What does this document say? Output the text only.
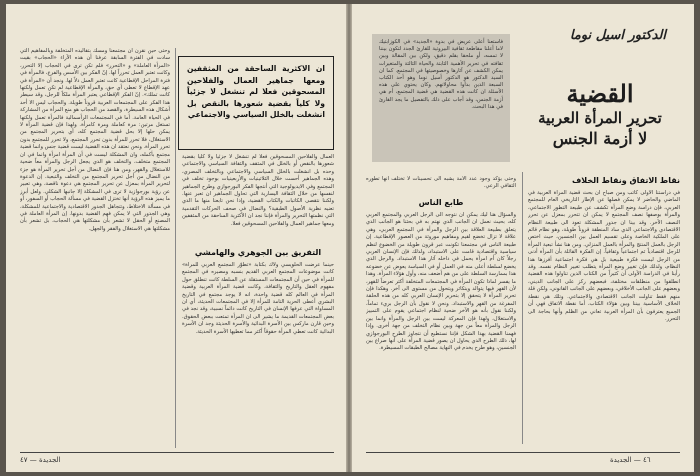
ان الاكثرية الساحقة من المثقفين ومعها جماهير العمال والفلاحين المسحوقين فعلا لم تنشغل لا جزئياً ولا كلياً بقضية شعورها بالنقص بل انشغلت بالخلل السياسي والاجتماعي
العمال والفلاحين المسحوقين فعلا لم تنشغل لا جزئياً ولا كلياً بقضية شعورها بالنقص أو بالخلل في المثقف والثقافة السياسي والاجتماعي وحده بل انشغلت بالخلل السياسي والاجتماعي وبالتخلف المصري، وهذه الجماهير أحست خلال الثلاثينيات والأربعينيات بوجود تخلف في المجتمع وفي الايديولوجية التي أنتجها الفكر البورجوازي وطرح الجماهير لنفسها من خلال الثقافة اليسارية التي تحاول الجماهير ان تعبر عنها. ولكننا نتقصى الكاتبات والكتاب القضية، وإذا نحن تابعنا منها ما الذي تعنيه نظرية الأصول الطبقية؟ والنضال في صحف الحركات التقدمية التي نظمتها التحرير والمرأة فإننا نجد ان الأكثرية الساحقة من المثقفين ومعها جماهير العمال والفلاحين المسحوقين فعلا.
التفريق بين الجوهري والهامشي
حينما عرضت الحلويسي ولاك بكتابة «تطوّر المجتمع العربي للمرأة» كانت موضوعات المجتمع العربي القديم بنسبه ومصيره في المجتمع للمرأة في حين أن المجتمعات المستقلة عن السلطة كانت تنطلق حول مفهوم العقل والتاريخ والثقافة، وكانت قضية المرأة العربية وقضية المرأة في العالم كله قضية واحدة، انه لا يوجد مجتمع في التاريخ البشري أعطى الحرية التامة للمرأة إلا في المجتمعات الحديثة، أي ان المساواة التي عرفها الإنسان في التاريخ كانت دائماً نسبية، وقد نجد في بعض المجتمعات القديمة ما يشير الى ان المرأة تمتعت ببعض الحقوق. وحين قارن ماركس بين الأسرة البدائية والأسرة الحديثة وجد ان الأسرة البدائية كانت تعطي المرأة حقوقاً أكثر مما تعطيها الأسرة الحديثة.
وحتى حين نقرن أن مجتمعنا ومسك بتقاليده المتخلفة وبالمفاهيم التي سادت في الفترة السابقة عرفنا أن هذه الآراء «الحجاب» بقيت «المرأة العاملة» و «التحرر» فلم تكن ترى في الحجاب إلا التحرر، وكانت تعتبر العمل تحرراً لها. إنّ الفكر بين الأسس والفرع، فالمرأة في فترة المراحل الإقطاعية كانت تعتبر العمل ذلاً لها. ونجد أن «المرأة في عهد الإقطاع لا تعطى أي حق، والمرأة الإقطاعية لم تكن تعمل ولكنها كانت تملك». إنّ الفكر الإقطاعي يعتبر المرأة ملكاً للرجل، وقد سيطر هذا الفكر على المجتمعات العربية قروناً طويلة. والحجاب ليس الا أحد أشكال هذه السيطرة، والقصد من الحجاب هو منع المرأة من المشاركة في الحياة العامة. أما في المجتمعات الرأسمالية فالمرأة تعمل ولكنها تستغل مرتين: مرة كعاملة ومرة كامرأة. ولهذا فإن قضية المرأة لا يمكن حلها إلا بحل قضية المجتمع كله، أي بتحرير المجتمع من الاستغلال، فلا تحرر للمرأة بدون تحرر المجتمع، ولا تحرر للمجتمع بدون تحرر المرأة. ونحن نعتقد ان هذه القضية ليست قضية جنس وانما قضية مجتمع بأكمله، وان المشكلة ليست في أن المرأة امرأة وانما في ان المجتمع متخلف، والتخلف هو الذي يجعل الرجل والمرأة معاً ضحية للاستغلال والقهر، ومن هنا فإن النضال من أجل تحرير المرأة هو جزء من النضال من أجل تحرير المجتمع من التخلف والتبعية. إن الدعوة لتحرير المرأة بمعزل عن تحرير المجتمع هي دعوة ناقصة، وهي تعبير عن رؤية بورجوازية لا ترى في المشكلة إلا جانبها الشكلي. ولعل أبرز ما يميز هذه الرؤية أنها تختزل القضية في مسألة الحجاب أو السفور، أو في مسألة الاختلاط، وتتجاهل الجذور الاقتصادية والاجتماعية للمشكلة، وهي الجذور التي لا يمكن فهم القضية بدونها. إن المرأة العاملة في المصنع أو الحقل لا تشعر بأن مشكلتها هي الحجاب، بل تشعر بأن مشكلتها هي الاستغلال والفقر والجهل.
الجديدة — ٤٧
الدكتور اسيل نوما
القضية
تحرير المرأة العربية
لا أزمة الجنس
فاستعنا أعلى عريض في بدوة «الجديد» في الكوزابتيك لاما أعلنا مقاطعة ثقافية البيروتية للقارئ الجدد لتكون بيننا لا تمسه، أو ملحقا بقلم دقيق، ولكن بين المقالة وبين ثقافته في تحرير الأهمية الثابتة والحياة الثالثة والمتغيرات يمكن الكشف عن آثارها وخصوصيتها في المجتمع. كما ان السيد الدكتور هو الدكتور أسيل نوما وهو أحد الكتاب السبعة الذين بدأوا محاولاتهم. وكان يحتوي على هذه الأسئلة ان كانت هذه القضية هي قضية المجتمع، أم هي أزمة الجنس، وقد أجاب على ذلك بالتفصيل ما يجد القارئ في هذا البحث.
وحتى يؤكد وجود عدد الأمة يشبه الى تحسينات لا تختلف أنها تطوره الثقافي الرعي.
طابع الناس
والسؤال هنا ليك يمكن ان نتوجه الى الرجل العربي والمجتمع العربي كله، بحيث نعمل ان الجانب الذي نهتم به في بحثنا هو الجانب الذي يتعلق بطبيعة العلاقة بين الرجل والمرأة في المجتمع العربي، وهي علاقة لا تزال تخضع لقيم ومفاهيم موروثة من العصور الإقطاعية. إن طبيعة الناس في مجتمعنا تكونت عبر قرون طويلة من الخضوع لنظم سياسية واقتصادية قامت على الاستبداد، ولذلك فإن الإنسان العربي رجلاً كان أم امرأة يحمل في داخله آثار هذا الاستبداد. والرجل الذي يخضع لسلطة أعلى منه في العمل أو في السياسة يعوض عن خضوعه هذا بممارسة السلطة على من هم أضعف منه، وأول هؤلاء المرأة. وهذا ما يفسر لماذا تكون المرأة في المجتمعات المتخلفة أكثر تعرضاً للقهر، لأن القهر فيها يتوالد ويتكاثر ويتحول من مستوى الى آخر. وهكذا فإن تحرير المرأة لا يتحقق إلا بتحرير الإنسان العربي كله من هذه الحلقة المفرغة من القهر والاستبداد. ونحن لا نقول بأن الرجل بريء تماماً، ولكننا نقول بأنه هو الآخر ضحية لنظام اجتماعي يقوم على التمييز والاستغلال، ولهذا فإن المعركة ليست بين الرجل والمرأة وانما بين الرجل والمرأة معاً من جهة وبين نظام التخلف من جهة أخرى. وإذا فهمنا القضية بهذا الشكل فإننا نستطيع أن نتجاوز الطرح البورجوازي لها، ذلك الطرح الذي يحاول ان يصور قضية المرأة على أنها صراع بين الجنسين، وهو طرح يخدم في النهاية مصالح الطبقات المسيطرة.
نقاط الاتفاق ونقاط الخلاف
في دراستنا الأولى كاتب ومن صباح ان بحث قضية المرأة العربية في الماضي والحاضر لا يمكن فصلها عن الإطار التاريخي العام للمجتمع العربي، فإن دراسة وضع المرأة تكشف عن طبيعة التطور الاجتماعي، والمرأة بوصفها نصف المجتمع لا يمكن ان تتحرر بمعزل عن تحرر النصف الآخر. وقد بينا ان جذور المشكلة تعود الى طبيعة النظام الاقتصادي والاجتماعي الذي ساد المنطقة قروناً طويلة، وهو نظام قائم على الملكية الخاصة وعلى تقسيم العمل بين الجنسين، حيث اختص الرجل بالعمل المنتج والمرأة بالعمل المنزلي. ومن هنا نشأ تبعية المرأة للرجل اقتصادياً ثم اجتماعياً وثقافياً. إن الفكرة القائلة بأن المرأة أدنى من الرجل ليست فكرة طبيعية بل هي فكرة اجتماعية أفرزها هذا النظام، ولذلك فإن تغيير وضع المرأة يتطلب تغيير النظام نفسه. وقد رأينا في الدراسة الأولى أن كثيراً من الكتاب الذين تناولوا هذه القضية انطلقوا من منطلقات مختلفة، فبعضهم ركز على الجانب الديني، وبعضهم على الجانب الأخلاقي، وبعضهم على الجانب القانوني، ولكن قلة منهم فقط تناولت الجانب الاقتصادي والاجتماعي. وتلك هي نقطة الخلاف الأساسية بيننا وبين هؤلاء الكتاب، أما نقطة الاتفاق فهي أن الجميع يعترفون بأن المرأة العربية تعاني من الظلم وأنها بحاجة الى التحرر.
٤٦ — الجديدة
